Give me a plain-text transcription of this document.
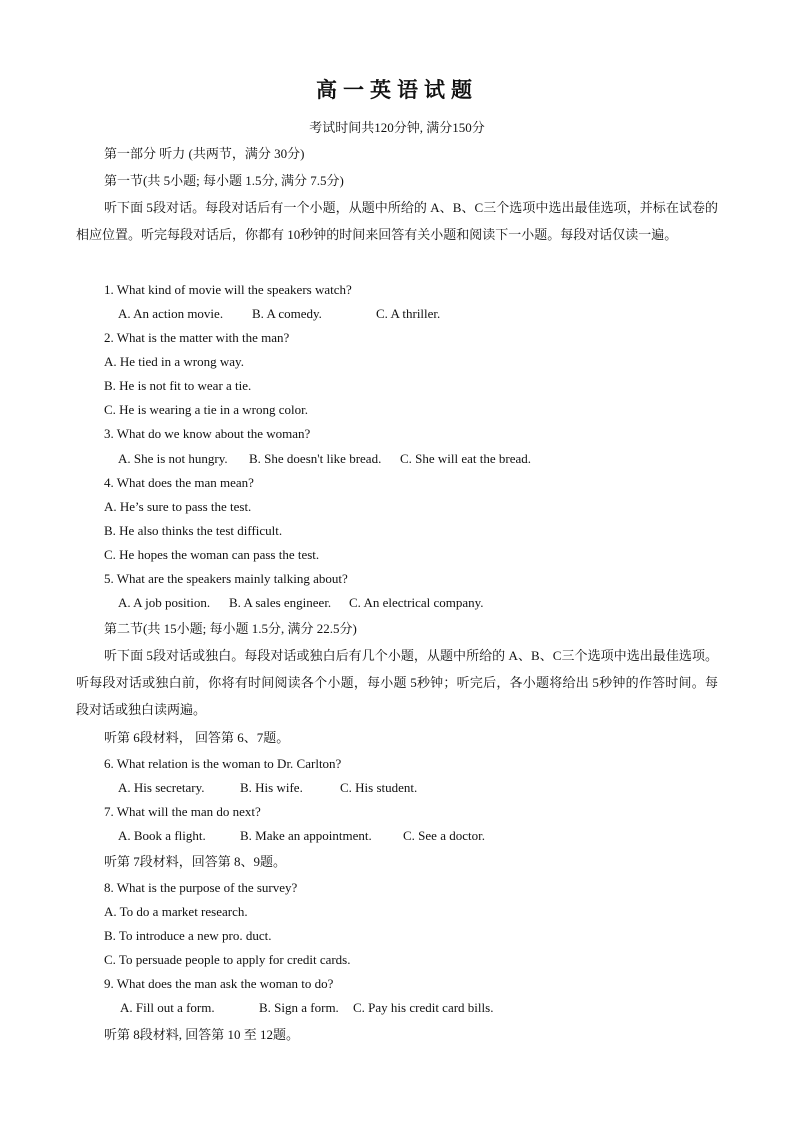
高一英语试题
考试时间共120分钟, 满分150分
第一部分 听力 (共两节，满分 30分)
第一节(共 5小题; 每小题 1.5分, 满分 7.5分)
听下面 5段对话。每段对话后有一个小题，从题中所给的 A、B、C三个选项中选出最佳选项，并标在试卷的相应位置。听完每段对话后，你都有 10秒钟的时间来回答有关小题和阅读下一小题。每段对话仅读一遍。
1. What kind of movie will the speakers watch?
A. An action movie. B. A comedy.	C. A thriller.
2. What is the matter with the man?
A. He tied in a wrong way.
B. He is not fit to wear a tie.
C. He is wearing a tie in a wrong color.
3. What do we know about the woman?
A. She is not hungry. B. She doesn't like bread. C. She will eat the bread.
4. What does the man mean?
A. He’s sure to pass the test.
B. He also thinks the test difficult.
C. He hopes the woman can pass the test.
5. What are the speakers mainly talking about?
A. A job position. B. A sales engineer. C. An electrical company.
第二节(共 15小题; 每小题 1.5分, 满分 22.5分)
听下面 5段对话或独白。每段对话或独白后有几个小题，从题中所给的 A、B、C三个选项中选出最佳选项。听每段对话或独白前，你将有时间阅读各个小题，每小题 5秒钟；听完后，各小题将给出 5秒钟的作答时间。每段对话或独白读两遍。
听第 6段材料， 回答第 6、7题。
6. What relation is the woman to Dr. Carlton?
A. His secretary.	B. His wife.	C. His student.
7. What will the man do next?
A. Book a flight.	B. Make an appointment. C. See a doctor.
听第 7段材料，回答第 8、9题。
8. What is the purpose of the survey?
A. To do a market research.
B. To introduce a new pro. duct.
C. To persuade people to apply for credit cards.
9. What does the man ask the woman to do?
A. Fill out a form.	B. Sign a form. C. Pay his credit card bills.
听第 8段材料, 回答第 10 至 12题。
